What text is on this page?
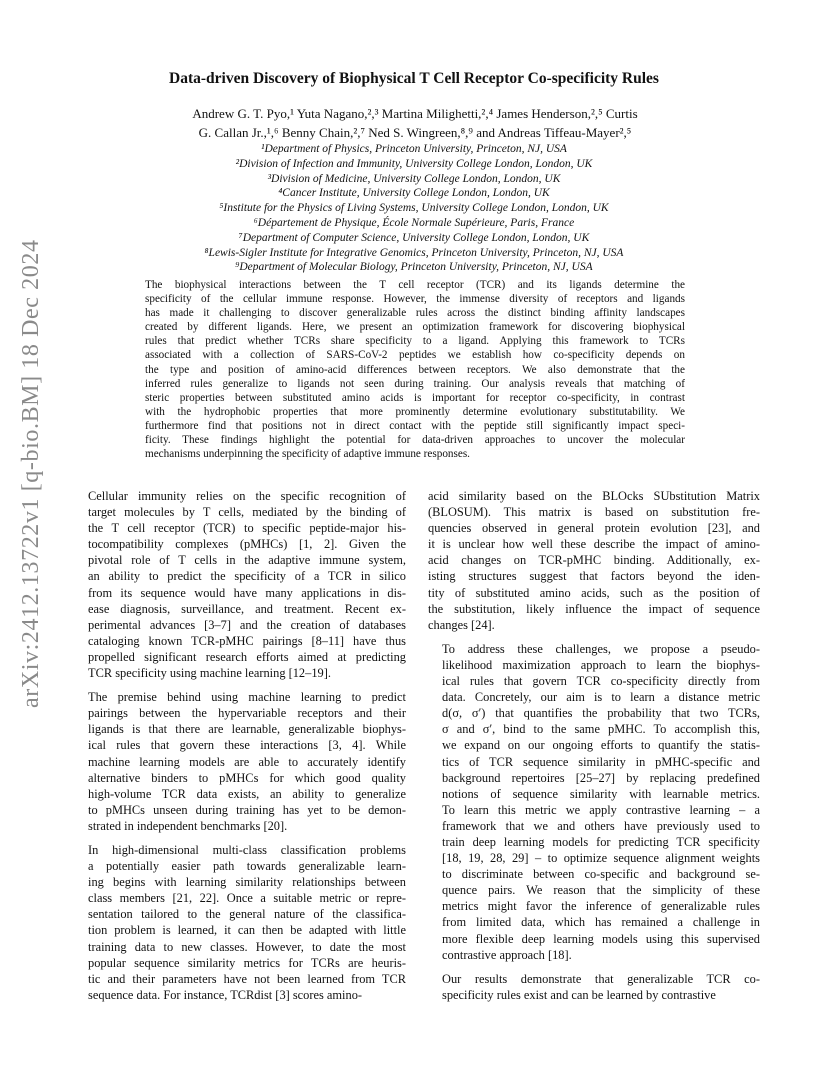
arXiv:2412.13722v1 [q-bio.BM] 18 Dec 2024
Data-driven Discovery of Biophysical T Cell Receptor Co-specificity Rules
Andrew G. T. Pyo,¹ Yuta Nagano,²,³ Martina Milighetti,²,⁴ James Henderson,²,⁵ Curtis
G. Callan Jr.,¹,⁶ Benny Chain,²,⁷ Ned S. Wingreen,⁸,⁹ and Andreas Tiffeau-Mayer²,⁵
¹Department of Physics, Princeton University, Princeton, NJ, USA
²Division of Infection and Immunity, University College London, London, UK
³Division of Medicine, University College London, London, UK
⁴Cancer Institute, University College London, London, UK
⁵Institute for the Physics of Living Systems, University College London, London, UK
⁶Département de Physique, École Normale Supérieure, Paris, France
⁷Department of Computer Science, University College London, London, UK
⁸Lewis-Sigler Institute for Integrative Genomics, Princeton University, Princeton, NJ, USA
⁹Department of Molecular Biology, Princeton University, Princeton, NJ, USA
The biophysical interactions between the T cell receptor (TCR) and its ligands determine the
specificity of the cellular immune response. However, the immense diversity of receptors and ligands
has made it challenging to discover generalizable rules across the distinct binding affinity landscapes
created by different ligands. Here, we present an optimization framework for discovering biophysical
rules that predict whether TCRs share specificity to a ligand. Applying this framework to TCRs
associated with a collection of SARS-CoV-2 peptides we establish how co-specificity depends on
the type and position of amino-acid differences between receptors. We also demonstrate that the
inferred rules generalize to ligands not seen during training. Our analysis reveals that matching of
steric properties between substituted amino acids is important for receptor co-specificity, in contrast
with the hydrophobic properties that more prominently determine evolutionary substitutability. We
furthermore find that positions not in direct contact with the peptide still significantly impact speci-
ficity. These findings highlight the potential for data-driven approaches to uncover the molecular
mechanisms underpinning the specificity of adaptive immune responses.

Cellular immunity relies on the specific recognition of
target molecules by T cells, mediated by the binding of
the T cell receptor (TCR) to specific peptide-major his-
tocompatibility complexes (pMHCs) [1, 2]. Given the
pivotal role of T cells in the adaptive immune system,
an ability to predict the specificity of a TCR in silico
from its sequence would have many applications in dis-
ease diagnosis, surveillance, and treatment. Recent ex-
perimental advances [3–7] and the creation of databases
cataloging known TCR-pMHC pairings [8–11] have thus
propelled significant research efforts aimed at predicting
TCR specificity using machine learning [12–19].

The premise behind using machine learning to predict
pairings between the hypervariable receptors and their
ligands is that there are learnable, generalizable biophys-
ical rules that govern these interactions [3, 4]. While
machine learning models are able to accurately identify
alternative binders to pMHCs for which good quality
high-volume TCR data exists, an ability to generalize
to pMHCs unseen during training has yet to be demon-
strated in independent benchmarks [20].

In high-dimensional multi-class classification problems
a potentially easier path towards generalizable learn-
ing begins with learning similarity relationships between
class members [21, 22]. Once a suitable metric or repre-
sentation tailored to the general nature of the classifica-
tion problem is learned, it can then be adapted with little
training data to new classes. However, to date the most
popular sequence similarity metrics for TCRs are heuris-
tic and their parameters have not been learned from TCR
sequence data. For instance, TCRdist [3] scores amino-

acid similarity based on the BLOcks SUbstitution Matrix
(BLOSUM). This matrix is based on substitution fre-
quencies observed in general protein evolution [23], and
it is unclear how well these describe the impact of amino-
acid changes on TCR-pMHC binding. Additionally, ex-
isting structures suggest that factors beyond the iden-
tity of substituted amino acids, such as the position of
the substitution, likely influence the impact of sequence
changes [24].

To address these challenges, we propose a pseudo-
likelihood maximization approach to learn the biophys-
ical rules that govern TCR co-specificity directly from
data. Concretely, our aim is to learn a distance metric
d(σ, σ′) that quantifies the probability that two TCRs,
σ and σ′, bind to the same pMHC. To accomplish this,
we expand on our ongoing efforts to quantify the statis-
tics of TCR sequence similarity in pMHC-specific and
background repertoires [25–27] by replacing predefined
notions of sequence similarity with learnable metrics.
To learn this metric we apply contrastive learning – a
framework that we and others have previously used to
train deep learning models for predicting TCR specificity
[18, 19, 28, 29] – to optimize sequence alignment weights
to discriminate between co-specific and background se-
quence pairs. We reason that the simplicity of these
metrics might favor the inference of generalizable rules
from limited data, which has remained a challenge in
more flexible deep learning models using this supervised
contrastive approach [18].

Our results demonstrate that generalizable TCR co-
specificity rules exist and can be learned by contrastive
